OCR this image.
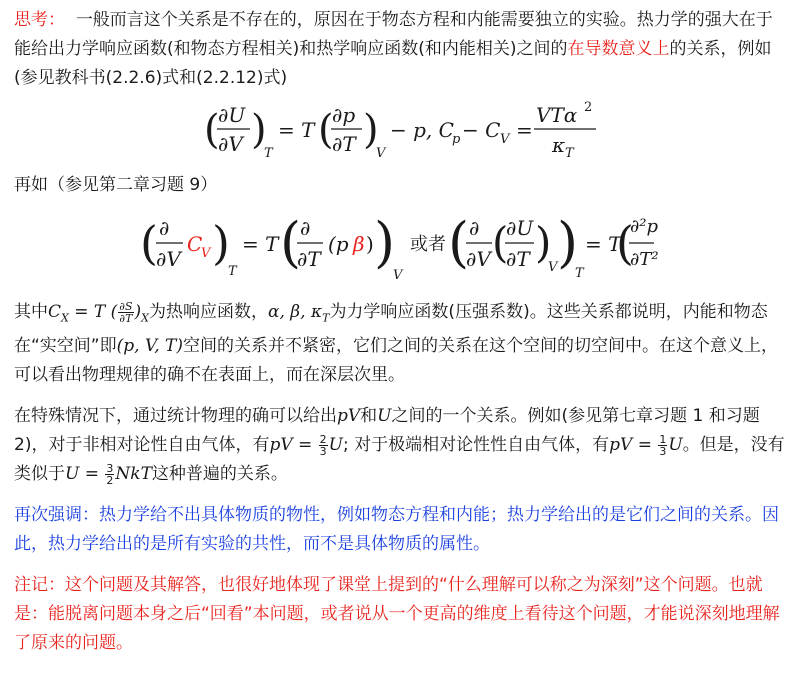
思考： 一般而言这个关系是不存在的，原因在于物态方程和内能需要独立的实验。热力学的强大在于能给出力学响应函数(和物态方程相关)和热学响应函数(和内能相关)之间的在导数意义上的关系，例如(参见教科书(2.2.6)式和(2.2.12)式)

(
∂U
∂V )
T
= T (
∂p
∂T )
V
− p, C
p − C V =
VTα 2
κ T

再如（参见第二章习题 9）

( ∂
∂V
C
V )
T
= T (
∂
∂T
(p β ) )
V
或者 ( ∂
∂V (
∂U
∂T )
V )
T
= T
(
∂²p
∂T²

其中$C_X = T$ ( $\frac{\partial S}{\partial T} )_X$为热响应函数，α, β, $\kappa_T$为力学响应函数(压强系数)。这些关系都说明，内能和物态在“实空间”即(p, V, T)空间的关系并不紧密，它们之间的关系在这个空间的切空间中。在这个意义上，可以看出物理规律的确不在表面上，而在深层次里。

在特殊情况下，通过统计物理的确可以给出pV和U之间的一个关系。例如(参见第七章习题 1 和习题 2)，对于非相对论性自由气体，有pV = $\frac{2}{3} U$; 对于极端相对论性性自由气体，有pV = $\frac{1}{3}$ U。但是，没有类似于$U = \frac{3}{2}$ NkT这种普遍的关系。

再次强调：热力学给不出具体物质的物性，例如物态方程和内能；热力学给出的是它们之间的关系。因此，热力学给出的是所有实验的共性，而不是具体物质的属性。

注记：这个问题及其解答，也很好地体现了课堂上提到的“什么理解可以称之为深刻”这个问题。也就是：能脱离问题本身之后“回看”本问题，或者说从一个更高的维度上看待这个问题，才能说深刻地理解了原来的问题。
